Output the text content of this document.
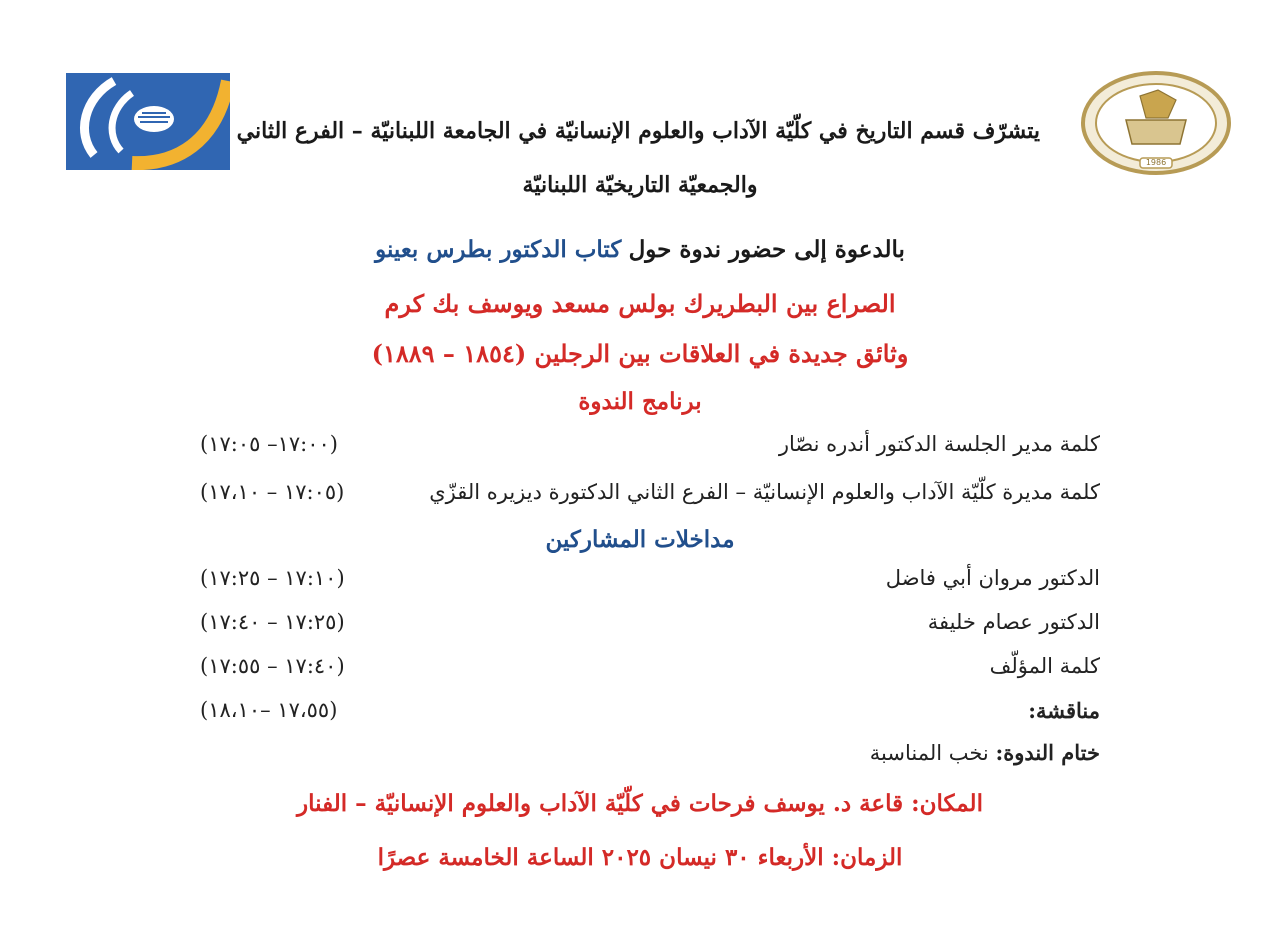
1986
يتشرّف قسم التاريخ في كلّيّة الآداب والعلوم الإنسانيّة في الجامعة اللبنانيّة – الفرع الثاني
والجمعيّة التاريخيّة اللبنانيّة
بالدعوة إلى حضور ندوة حول كتاب الدكتور بطرس بعينو
الصراع بين البطريرك بولس مسعد ويوسف بك كرم
وثائق جديدة في العلاقات بين الرجلين (١٨٥٤ – ١٨٨٩)
برنامج الندوة
كلمة مدير الجلسة الدكتور أندره نصّار
(١٧:٠٠– ١٧:٠٥)
كلمة مديرة كلّيّة الآداب والعلوم الإنسانيّة – الفرع الثاني الدكتورة ديزيره القزّي
(١٧:٠٥ – ١٧،١٠)
مداخلات المشاركين
الدكتور مروان أبي فاضل
(١٧:١٠ – ١٧:٢٥)
الدكتور عصام خليفة
(١٧:٢٥ – ١٧:٤٠)
كلمة المؤلّف
(١٧:٤٠ – ١٧:٥٥)
مناقشة:
(١٧،٥٥ –١٨،١٠)
ختام الندوة: نخب المناسبة
المكان: قاعة د. يوسف فرحات في كلّيّة الآداب والعلوم الإنسانيّة – الفنار
الزمان: الأربعاء ٣٠ نيسان ٢٠٢٥ الساعة الخامسة عصرًا
